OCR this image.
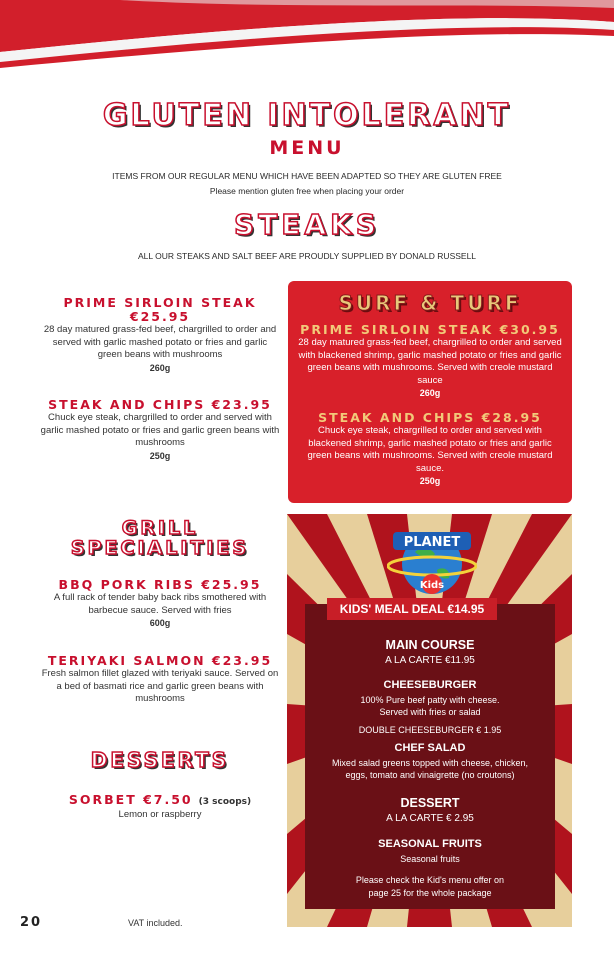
GLUTEN INTOLERANT
MENU
ITEMS FROM OUR REGULAR MENU WHICH HAVE BEEN ADAPTED SO THEY ARE GLUTEN FREE
Please mention gluten free when placing your order
STEAKS
ALL OUR STEAKS AND SALT BEEF ARE PROUDLY SUPPLIED BY DONALD RUSSELL
PRIME SIRLOIN STEAK €25.95
28 day matured grass-fed beef, chargrilled to order and served with garlic mashed potato or fries and garlic green beans with mushrooms
260g
STEAK AND CHIPS €23.95
Chuck eye steak, chargrilled to order and served with garlic mashed potato or fries and garlic green beans with mushrooms
250g
SURF & TURF
PRIME SIRLOIN STEAK €30.95
28 day matured grass-fed beef, chargrilled to order and served with blackened shrimp, garlic mashed potato or fries and garlic green beans with mushrooms. Served with creole mustard sauce
260g
STEAK AND CHIPS €28.95
Chuck eye steak, chargrilled to order and served with blackened shrimp, garlic mashed potato or fries and garlic green beans with mushrooms. Served with creole mustard sauce.
250g
GRILL
SPECIALITIES
BBQ PORK RIBS €25.95
A full rack of tender baby back ribs smothered with barbecue sauce. Served with fries
600g
TERIYAKI SALMON €23.95
Fresh salmon fillet glazed with teriyaki sauce. Served on a bed of basmati rice and garlic green beans with mushrooms
DESSERTS
SORBET €7.50 (3 scoops)
Lemon or raspberry
20	VAT included.
PLANET
Kids
KIDS' MEAL DEAL €14.95
MAIN COURSE
A LA CARTE €11.95
CHEESEBURGER
100% Pure beef patty with cheese.
Served with fries or salad
DOUBLE CHEESEBURGER € 1.95
CHEF SALAD
Mixed salad greens topped with cheese, chicken,
eggs, tomato and vinaigrette (no croutons)
DESSERT
A LA CARTE € 2.95
SEASONAL FRUITS
Seasonal fruits
Please check the Kid's menu offer on
page 25 for the whole package
